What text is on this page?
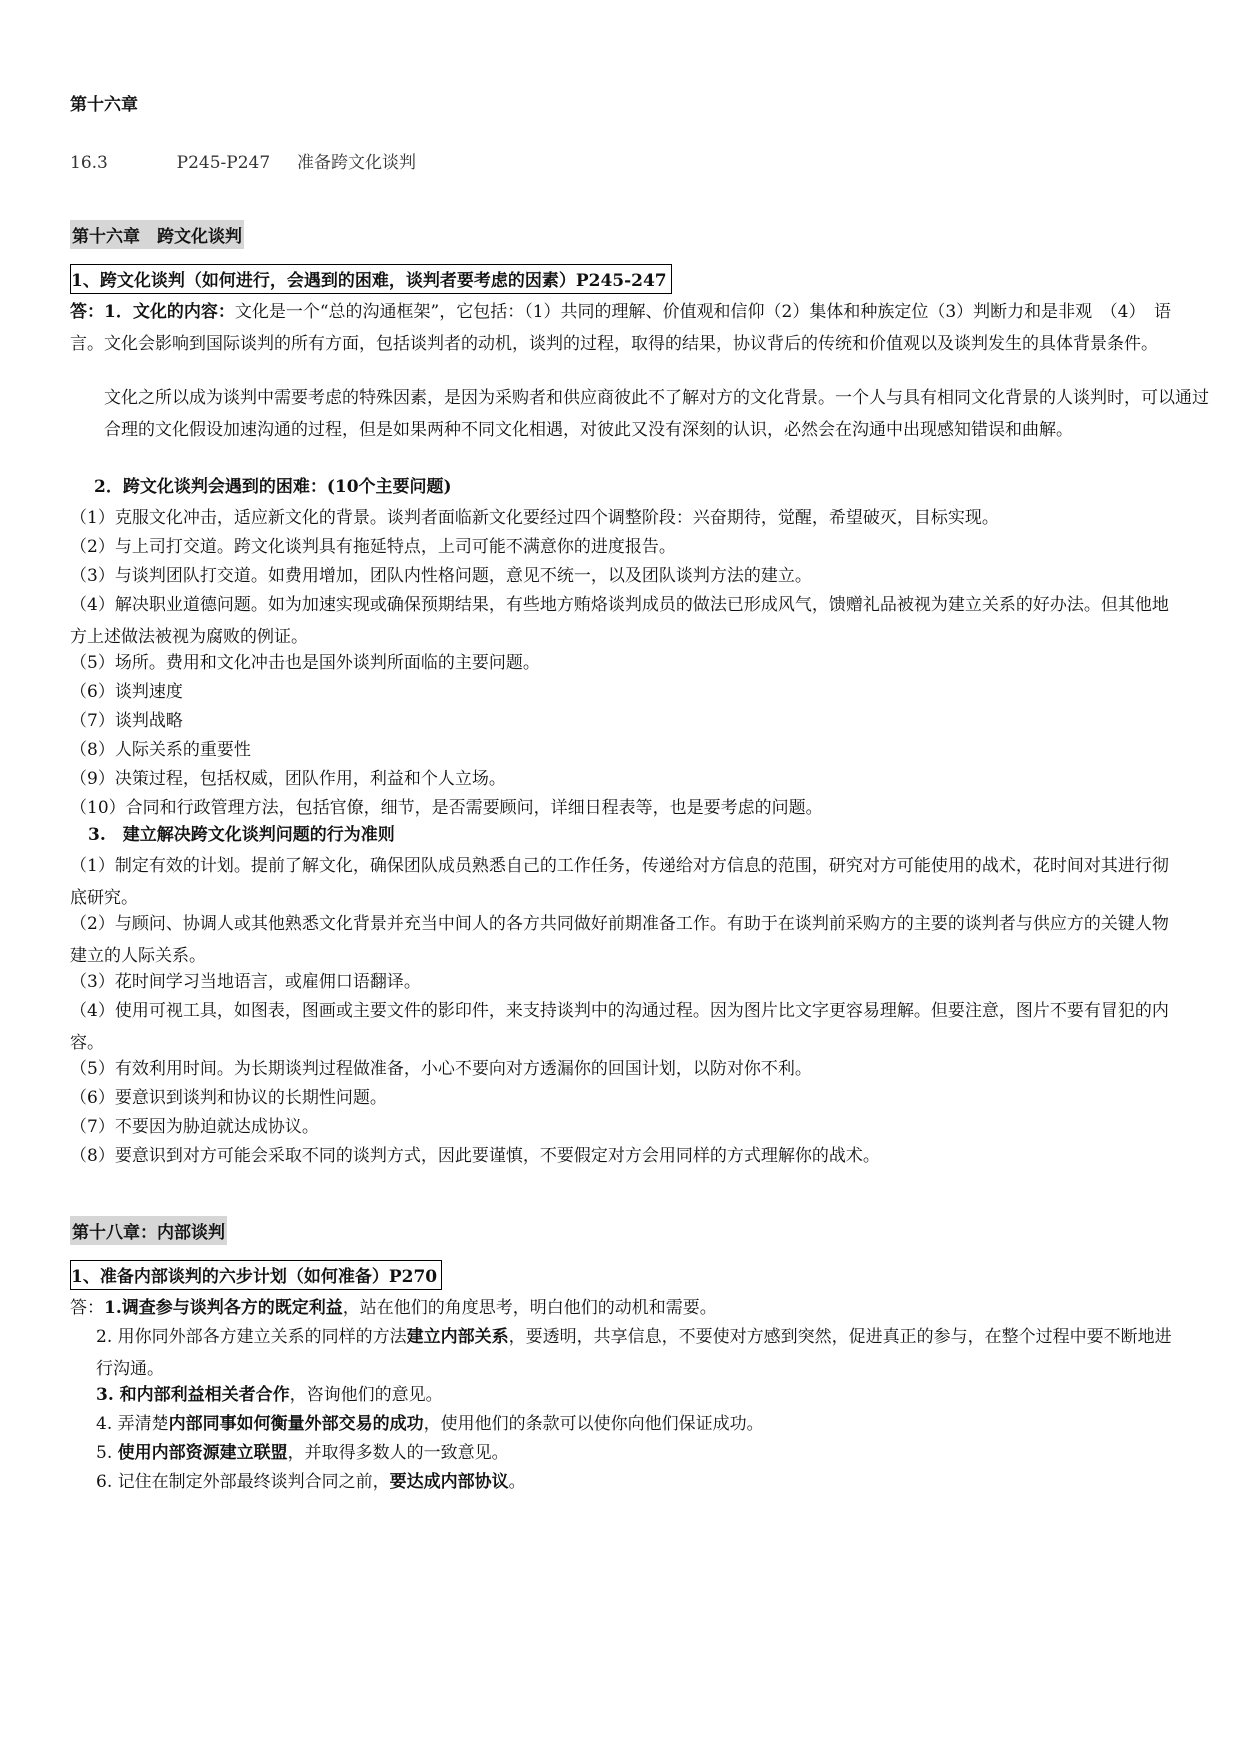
第十六章
16.3	P245-P247 准备跨文化谈判
第十六章　跨文化谈判
1、跨文化谈判（如何进行，会遇到的困难，谈判者要考虑的因素）P245-247
答：1．文化的内容：文化是一个“总的沟通框架”，它包括：（1）共同的理解、价值观和信仰（2）集体和种族定位（3）判断力和是非观　（4）　语言。文化会影响到国际谈判的所有方面，包括谈判者的动机，谈判的过程，取得的结果，协议背后的传统和价值观以及谈判发生的具体背景条件。
文化之所以成为谈判中需要考虑的特殊因素，是因为采购者和供应商彼此不了解对方的文化背景。一个人与具有相同文化背景的人谈判时，可以通过合理的文化假设加速沟通的过程，但是如果两种不同文化相遇，对彼此又没有深刻的认识，必然会在沟通中出现感知错误和曲解。
2．跨文化谈判会遇到的困难：(10个主要问题)
（1）克服文化冲击，适应新文化的背景。谈判者面临新文化要经过四个调整阶段：兴奋期待，觉醒，希望破灭，目标实现。
（2）与上司打交道。跨文化谈判具有拖延特点，上司可能不满意你的进度报告。
（3）与谈判团队打交道。如费用增加，团队内性格问题，意见不统一，以及团队谈判方法的建立。
（4）解决职业道德问题。如为加速实现或确保预期结果，有些地方贿烙谈判成员的做法已形成风气，馈赠礼品被视为建立关系的好办法。但其他地方上述做法被视为腐败的例证。
（5）场所。费用和文化冲击也是国外谈判所面临的主要问题。
（6）谈判速度
（7）谈判战略
（8）人际关系的重要性
（9）决策过程，包括权威，团队作用，利益和个人立场。
（10）合同和行政管理方法，包括官僚，细节，是否需要顾问，详细日程表等，也是要考虑的问题。
3.　建立解决跨文化谈判问题的行为准则
（1）制定有效的计划。提前了解文化，确保团队成员熟悉自己的工作任务，传递给对方信息的范围，研究对方可能使用的战术，花时间对其进行彻底研究。
（2）与顾问、协调人或其他熟悉文化背景并充当中间人的各方共同做好前期准备工作。有助于在谈判前采购方的主要的谈判者与供应方的关键人物建立的人际关系。
（3）花时间学习当地语言，或雇佣口语翻译。
（4）使用可视工具，如图表，图画或主要文件的影印件，来支持谈判中的沟通过程。因为图片比文字更容易理解。但要注意，图片不要有冒犯的内容。
（5）有效利用时间。为长期谈判过程做准备，小心不要向对方透漏你的回国计划，以防对你不利。
（6）要意识到谈判和协议的长期性问题。
（7）不要因为胁迫就达成协议。
（8）要意识到对方可能会采取不同的谈判方式，因此要谨慎，不要假定对方会用同样的方式理解你的战术。
第十八章：内部谈判
1、准备内部谈判的六步计划（如何准备）P270
答：1.调查参与谈判各方的既定利益，站在他们的角度思考，明白他们的动机和需要。
2. 用你同外部各方建立关系的同样的方法建立内部关系，要透明，共享信息，不要使对方感到突然，促进真正的参与，在整个过程中要不断地进行沟通。
3. 和内部利益相关者合作，咨询他们的意见。
4. 弄清楚内部同事如何衡量外部交易的成功，使用他们的条款可以使你向他们保证成功。
5. 使用内部资源建立联盟，并取得多数人的一致意见。
6. 记住在制定外部最终谈判合同之前，要达成内部协议。
